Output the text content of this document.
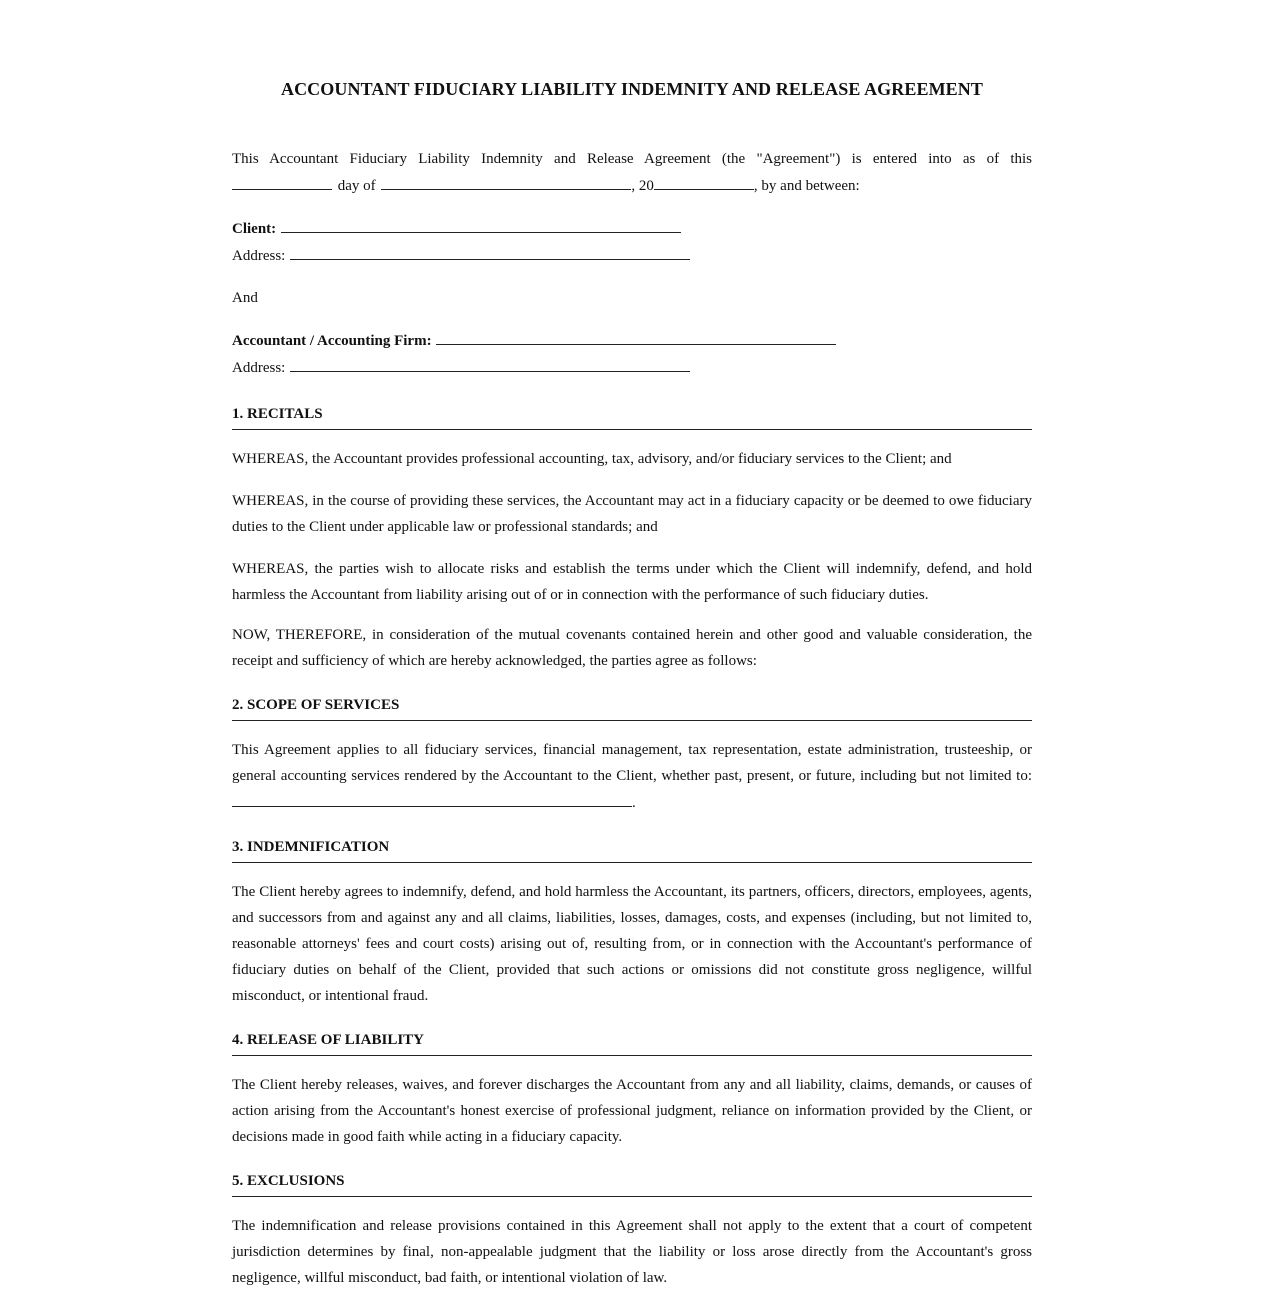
ACCOUNTANT FIDUCIARY LIABILITY INDEMNITY AND RELEASE AGREEMENT

This Accountant Fiduciary Liability Indemnity and Release Agreement (the "Agreement") is entered into as of this

day of	, 20	, by and between:

Client:

Address:

And

Accountant / Accounting Firm:

Address:

1. RECITALS

WHEREAS, the Accountant provides professional accounting, tax, advisory, and/or fiduciary services to the Client; and

WHEREAS, in the course of providing these services, the Accountant may act in a fiduciary capacity or be deemed to owe fiduciary duties to the Client under applicable law or professional standards; and

WHEREAS, the parties wish to allocate risks and establish the terms under which the Client will indemnify, defend, and hold harmless the Accountant from liability arising out of or in connection with the performance of such fiduciary duties.

NOW, THEREFORE, in consideration of the mutual covenants contained herein and other good and valuable consideration, the receipt and sufficiency of which are hereby acknowledged, the parties agree as follows:

2. SCOPE OF SERVICES

This Agreement applies to all fiduciary services, financial management, tax representation, estate administration, trusteeship, or general accounting services rendered by the Accountant to the Client, whether past, present, or future, including but not limited to: .

3. INDEMNIFICATION

The Client hereby agrees to indemnify, defend, and hold harmless the Accountant, its partners, officers, directors, employees, agents, and successors from and against any and all claims, liabilities, losses, damages, costs, and expenses (including, but not limited to, reasonable attorneys' fees and court costs) arising out of, resulting from, or in connection with the Accountant's performance of fiduciary duties on behalf of the Client, provided that such actions or omissions did not constitute gross negligence, willful misconduct, or intentional fraud.

4. RELEASE OF LIABILITY

The Client hereby releases, waives, and forever discharges the Accountant from any and all liability, claims, demands, or causes of action arising from the Accountant's honest exercise of professional judgment, reliance on information provided by the Client, or decisions made in good faith while acting in a fiduciary capacity.

5. EXCLUSIONS

The indemnification and release provisions contained in this Agreement shall not apply to the extent that a court of competent jurisdiction determines by final, non-appealable judgment that the liability or loss arose directly from the Accountant's gross negligence, willful misconduct, bad faith, or intentional violation of law.
